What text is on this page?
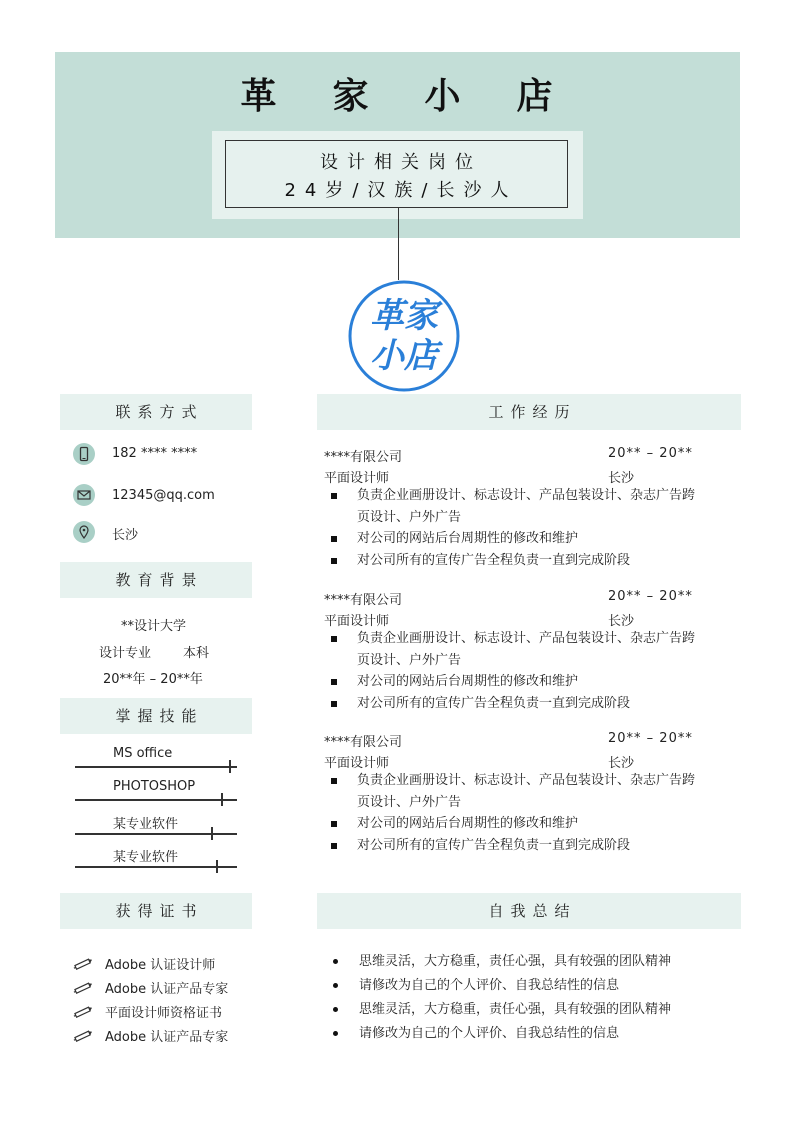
革家小店
设计相关岗位
24岁/汉族/长沙人
革家
小店
联系方式
182 **** ****
12345@qq.com
长沙
教育背景
**设计大学
设计专业 本科
20**年 – 20**年
掌握技能
MS office
PHOTOSHOP
某专业软件
某专业软件
获得证书
Adobe 认证设计师
Adobe 认证产品专家
平面设计师资格证书
Adobe 认证产品专家
工作经历
****有限公司	20** – 20**
平面设计师	长沙
负责企业画册设计、标志设计、产品包装设计、杂志广告跨页设计、户外广告
对公司的网站后台周期性的修改和维护
对公司所有的宣传广告全程负责一直到完成阶段
****有限公司	20** – 20**
平面设计师	长沙
负责企业画册设计、标志设计、产品包装设计、杂志广告跨页设计、户外广告
对公司的网站后台周期性的修改和维护
对公司所有的宣传广告全程负责一直到完成阶段
****有限公司	20** – 20**
平面设计师	长沙
负责企业画册设计、标志设计、产品包装设计、杂志广告跨页设计、户外广告
对公司的网站后台周期性的修改和维护
对公司所有的宣传广告全程负责一直到完成阶段
自我总结
思维灵活，大方稳重，责任心强，具有较强的团队精神
请修改为自己的个人评价、自我总结性的信息
思维灵活，大方稳重，责任心强，具有较强的团队精神
请修改为自己的个人评价、自我总结性的信息
